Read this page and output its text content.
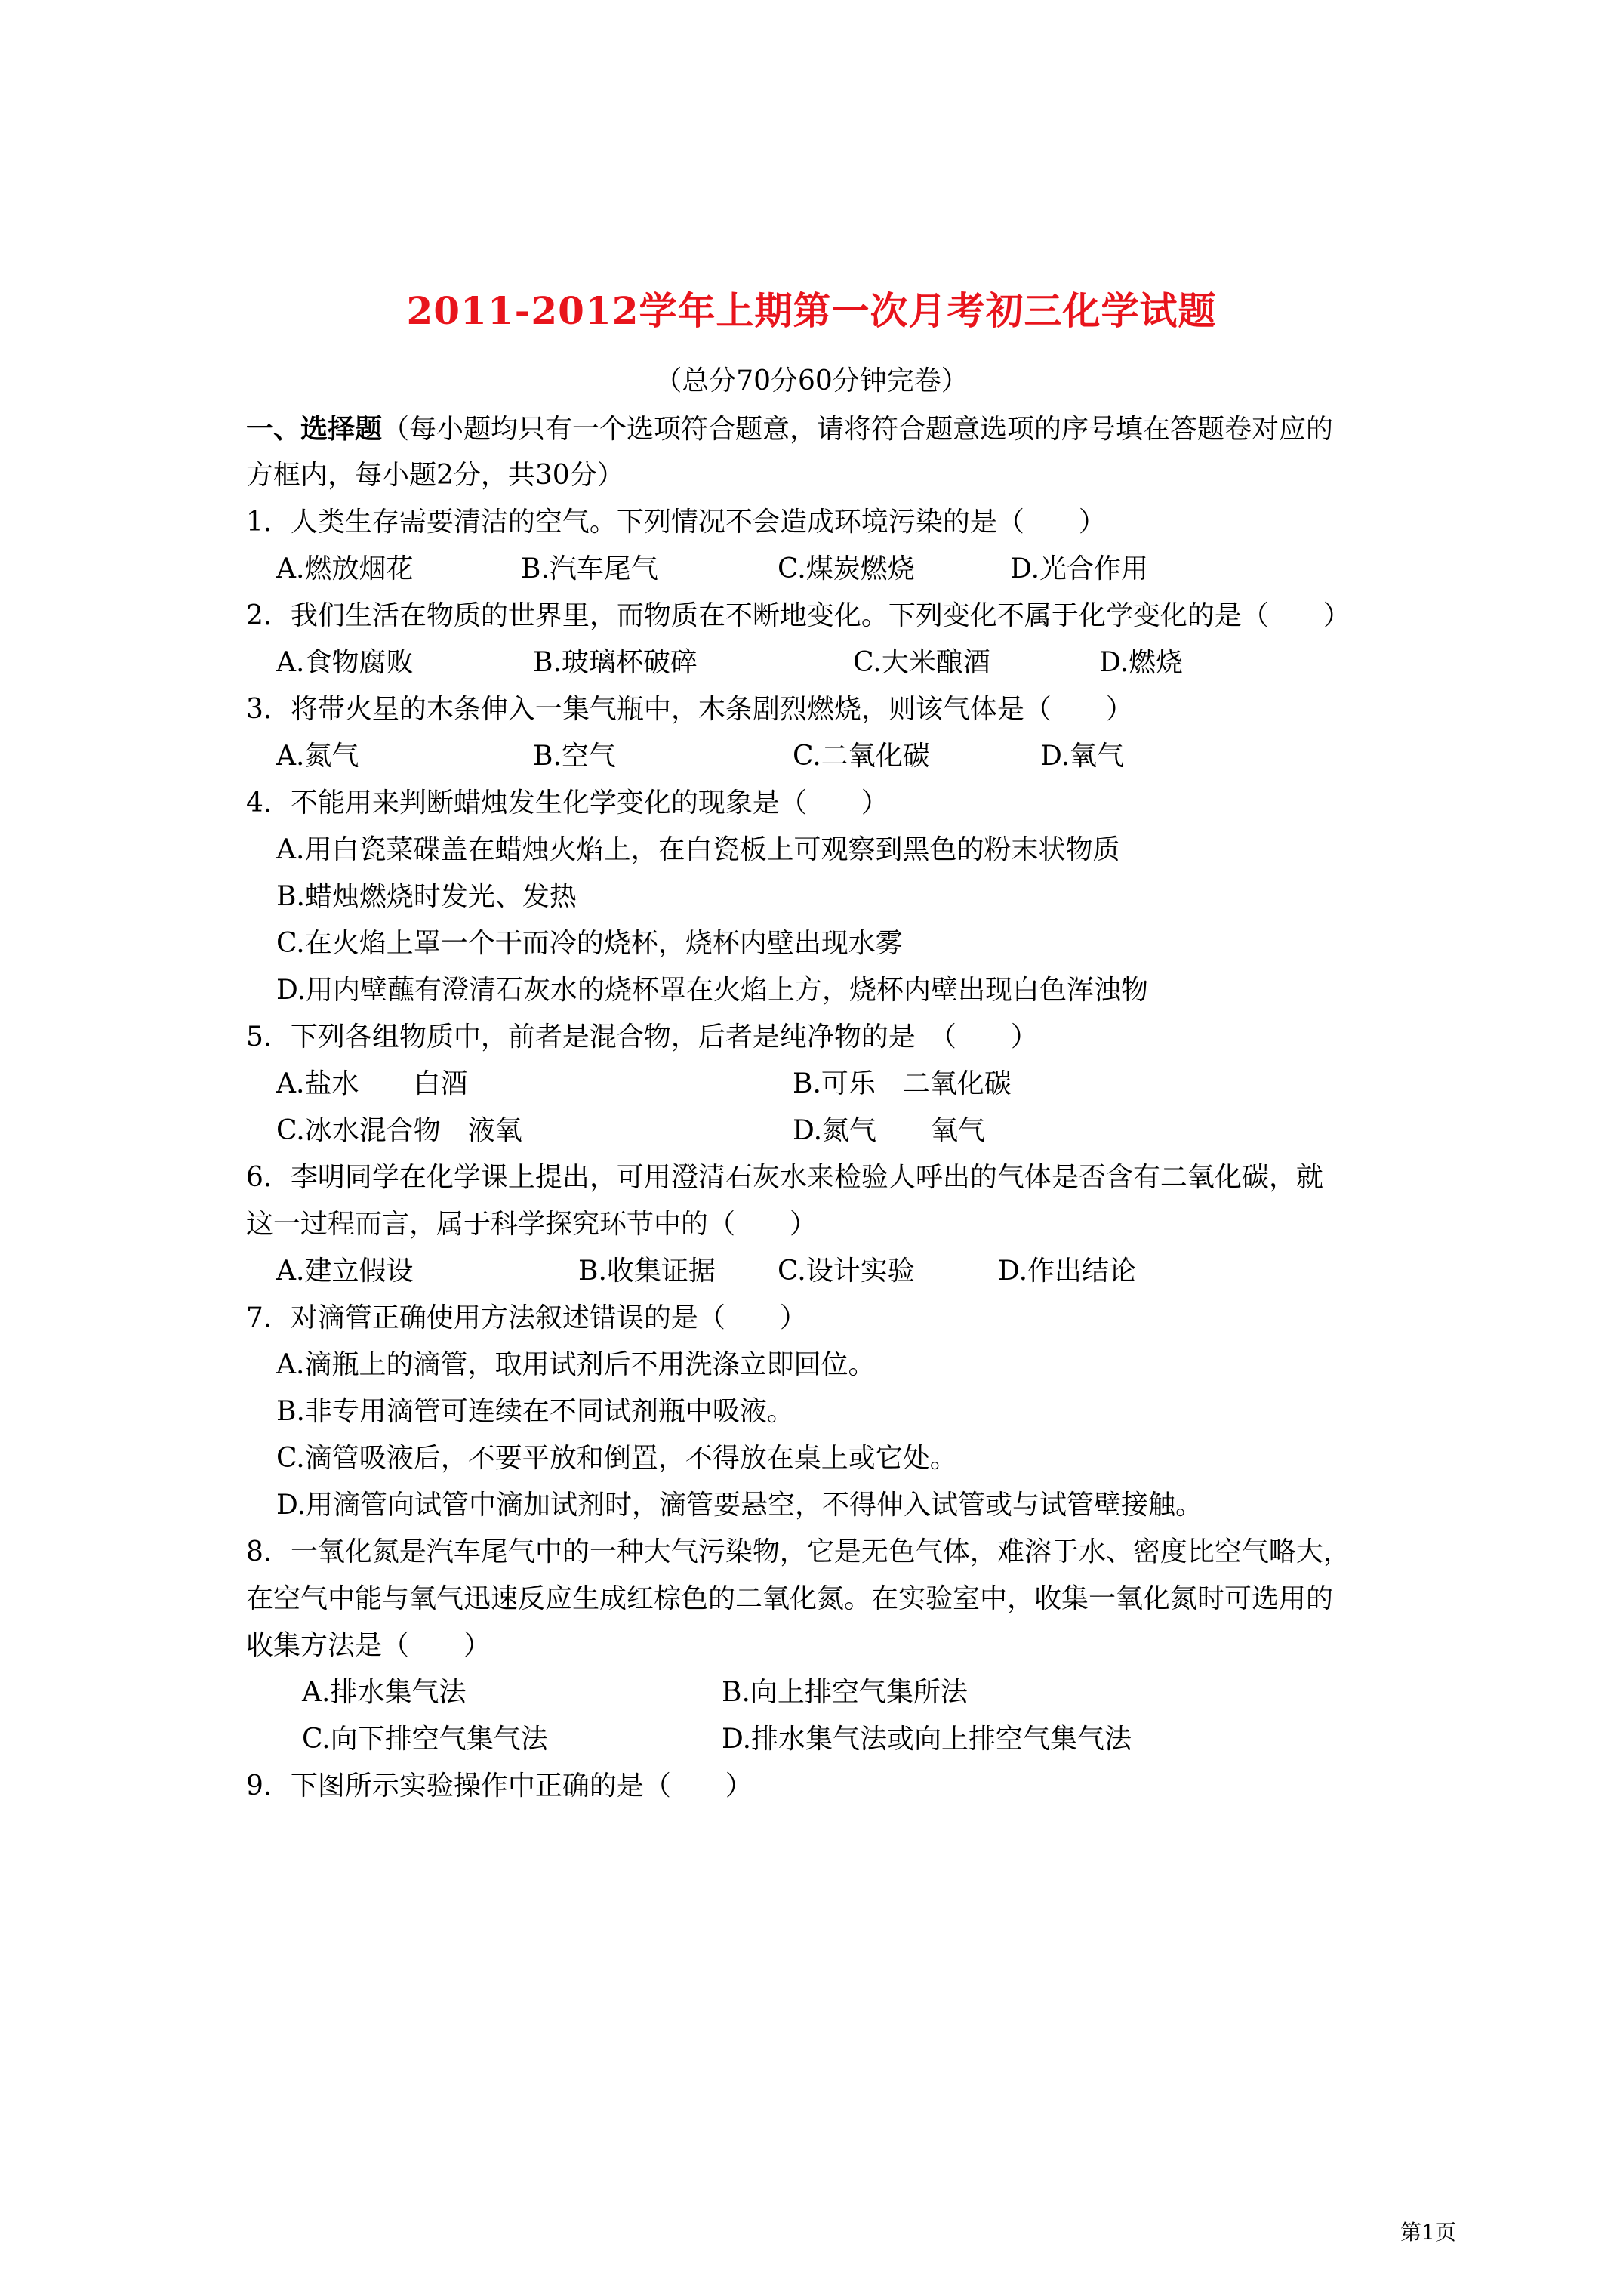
2011-2012学年上期第一次月考初三化学试题
（总分70分60分钟完卷）
一、选择题（每小题均只有一个选项符合题意，请将符合题意选项的序号填在答题卷对应的
方框内，每小题2分，共30分）
1．人类生存需要清洁的空气。下列情况不会造成环境污染的是（　　）
A.燃放烟花	B.汽车尾气	C.煤炭燃烧	D.光合作用
2．我们生活在物质的世界里，而物质在不断地变化。下列变化不属于化学变化的是（　　）
A.食物腐败	B.玻璃杯破碎	C.大米酿酒	D.燃烧
3．将带火星的木条伸入一集气瓶中，木条剧烈燃烧，则该气体是（　　）
A.氮气	B.空气	C.二氧化碳	D.氧气
4．不能用来判断蜡烛发生化学变化的现象是（　　）
A.用白瓷菜碟盖在蜡烛火焰上，在白瓷板上可观察到黑色的粉末状物质
B.蜡烛燃烧时发光、发热
C.在火焰上罩一个干而冷的烧杯，烧杯内壁出现水雾
D.用内壁蘸有澄清石灰水的烧杯罩在火焰上方，烧杯内壁出现白色浑浊物
5．下列各组物质中，前者是混合物，后者是纯净物的是　（　　）
A.盐水　　白酒	B.可乐　二氧化碳
C.冰水混合物　液氧	D.氮气　　氧气
6．李明同学在化学课上提出，可用澄清石灰水来检验人呼出的气体是否含有二氧化碳，就
这一过程而言，属于科学探究环节中的（　　）
A.建立假设	B.收集证据 C.设计实验	D.作出结论
7．对滴管正确使用方法叙述错误的是（　　）
A.滴瓶上的滴管，取用试剂后不用洗涤立即回位。
B.非专用滴管可连续在不同试剂瓶中吸液。
C.滴管吸液后，不要平放和倒置，不得放在桌上或它处。
D.用滴管向试管中滴加试剂时，滴管要悬空，不得伸入试管或与试管壁接触。
8．一氧化氮是汽车尾气中的一种大气污染物，它是无色气体，难溶于水、密度比空气略大，
在空气中能与氧气迅速反应生成红棕色的二氧化氮。在实验室中，收集一氧化氮时可选用的
收集方法是（　　）
A.排水集气法	B.向上排空气集所法
C.向下排空气集气法	D.排水集气法或向上排空气集气法
9．下图所示实验操作中正确的是（　　）
第1页
